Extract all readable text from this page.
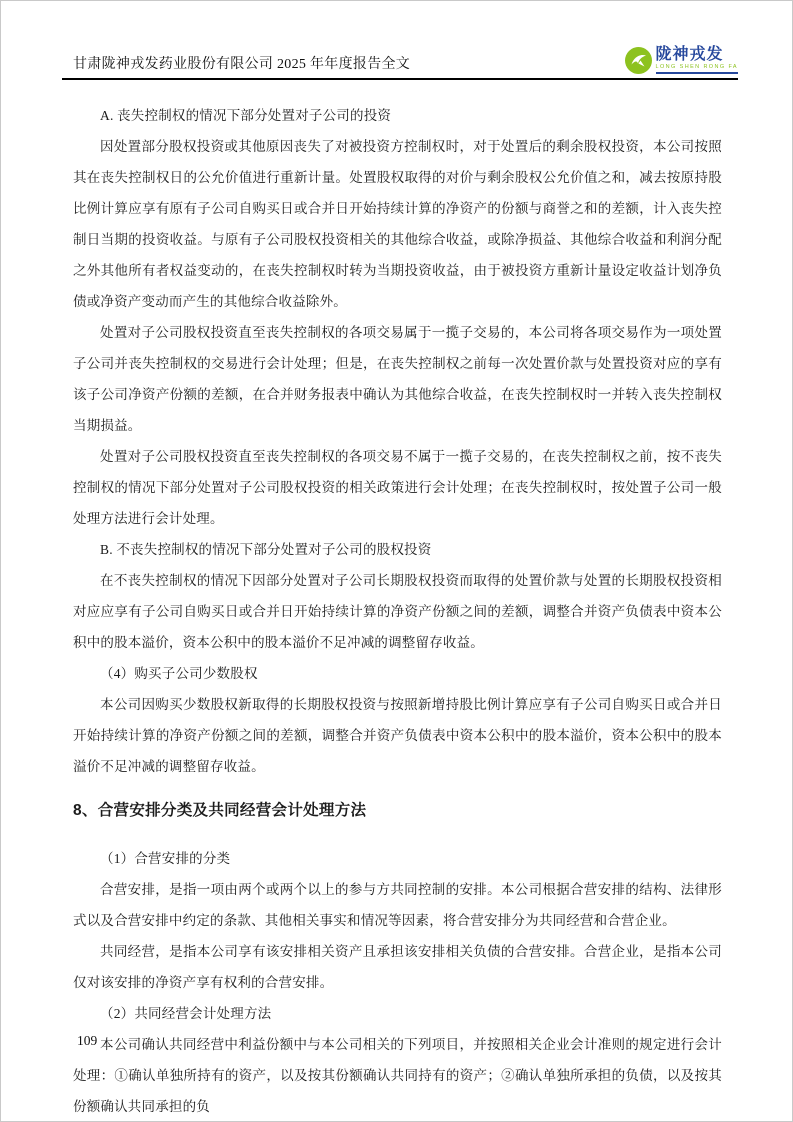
甘肃陇神戎发药业股份有限公司 2025 年年度报告全文
陇神戎发
LONG SHEN RONG FA

A. 丧失控制权的情况下部分处置对子公司的投资

因处置部分股权投资或其他原因丧失了对被投资方控制权时，对于处置后的剩余股权投资，本公司按照其在丧失控制权日的公允价值进行重新计量。处置股权取得的对价与剩余股权公允价值之和，减去按原持股比例计算应享有原有子公司自购买日或合并日开始持续计算的净资产的份额与商誉之和的差额，计入丧失控制日当期的投资收益。与原有子公司股权投资相关的其他综合收益，或除净损益、其他综合收益和利润分配之外其他所有者权益变动的，在丧失控制权时转为当期投资收益，由于被投资方重新计量设定收益计划净负债或净资产变动而产生的其他综合收益除外。

处置对子公司股权投资直至丧失控制权的各项交易属于一揽子交易的，本公司将各项交易作为一项处置子公司并丧失控制权的交易进行会计处理；但是，在丧失控制权之前每一次处置价款与处置投资对应的享有该子公司净资产份额的差额，在合并财务报表中确认为其他综合收益，在丧失控制权时一并转入丧失控制权当期损益。

处置对子公司股权投资直至丧失控制权的各项交易不属于一揽子交易的，在丧失控制权之前，按不丧失控制权的情况下部分处置对子公司股权投资的相关政策进行会计处理；在丧失控制权时，按处置子公司一般处理方法进行会计处理。

B. 不丧失控制权的情况下部分处置对子公司的股权投资

在不丧失控制权的情况下因部分处置对子公司长期股权投资而取得的处置价款与处置的长期股权投资相对应应享有子公司自购买日或合并日开始持续计算的净资产份额之间的差额，调整合并资产负债表中资本公积中的股本溢价，资本公积中的股本溢价不足冲减的调整留存收益。

（4）购买子公司少数股权

本公司因购买少数股权新取得的长期股权投资与按照新增持股比例计算应享有子公司自购买日或合并日开始持续计算的净资产份额之间的差额，调整合并资产负债表中资本公积中的股本溢价，资本公积中的股本溢价不足冲减的调整留存收益。

8、合营安排分类及共同经营会计处理方法

（1）合营安排的分类

合营安排，是指一项由两个或两个以上的参与方共同控制的安排。本公司根据合营安排的结构、法律形式以及合营安排中约定的条款、其他相关事实和情况等因素，将合营安排分为共同经营和合营企业。

共同经营，是指本公司享有该安排相关资产且承担该安排相关负债的合营安排。合营企业，是指本公司仅对该安排的净资产享有权利的合营安排。

（2）共同经营会计处理方法

本公司确认共同经营中利益份额中与本公司相关的下列项目，并按照相关企业会计准则的规定进行会计处理：①确认单独所持有的资产，以及按其份额确认共同持有的资产；②确认单独所承担的负债，以及按其份额确认共同承担的负

109
